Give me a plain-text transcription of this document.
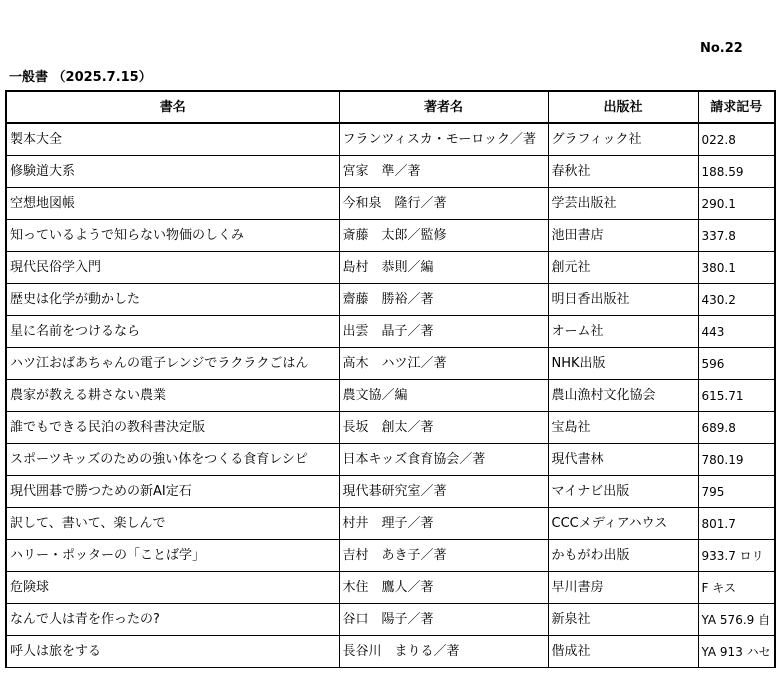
No.22
一般書 （2025.7.15）
書名	著者名	出版社	請求記号
製本大全	フランツィスカ・モーロック／著	グラフィック社	022.8
修験道大系	宮家　準／著	春秋社	188.59
空想地図帳	今和泉　隆行／著	学芸出版社	290.1
知っているようで知らない物価のしくみ	斎藤　太郎／監修	池田書店	337.8
現代民俗学入門	島村　恭則／編	創元社	380.1
歴史は化学が動かした	齋藤　勝裕／著	明日香出版社	430.2
星に名前をつけるなら	出雲　晶子／著	オーム社	443
ハツ江おばあちゃんの電子レンジでラクラクごはん	高木　ハツ江／著	NHK出版	596
農家が教える耕さない農業	農文協／編	農山漁村文化協会	615.71
誰でもできる民泊の教科書決定版	長坂　創太／著	宝島社	689.8
スポーツキッズのための強い体をつくる食育レシピ	日本キッズ食育協会／著	現代書林	780.19
現代囲碁で勝つための新AI定石	現代碁研究室／著	マイナビ出版	795
訳して、書いて、楽しんで	村井　理子／著	CCCメディアハウス	801.7
ハリー・ポッターの「ことば学」	吉村　あき子／著	かもがわ出版	933.7 ロリ
危険球	木住　鷹人／著	早川書房	F キス
なんで人は青を作ったの?	谷口　陽子／著	新泉社	YA 576.9 自
呼人は旅をする	長谷川　まりる／著	偕成社	YA 913 ハセ
